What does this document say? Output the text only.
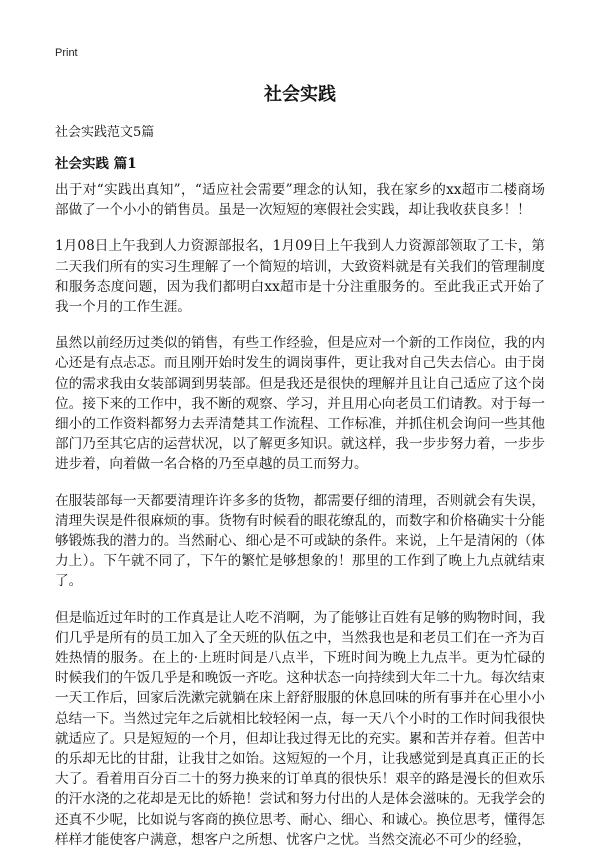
Print
社会实践
社会实践范文5篇
社会实践 篇1

出于对“实践出真知”，“适应社会需要”理念的认知，我在家乡的xx超市二楼商场部做了一个小小的销售员。虽是一次短短的寒假社会实践，却让我收获良多！！

1月08日上午我到人力资源部报名，1月09日上午我到人力资源部领取了工卡，第二天我们所有的实习生理解了一个简短的培训，大致资料就是有关我们的管理制度和服务态度问题，因为我们都明白xx超市是十分注重服务的。至此我正式开始了我一个月的工作生涯。

虽然以前经历过类似的销售，有些工作经验，但是应对一个新的工作岗位，我的内心还是有点忐忑。而且刚开始时发生的调岗事件，更让我对自己失去信心。由于岗位的需求我由女装部调到男装部。但是我还是很快的理解并且让自己适应了这个岗位。接下来的工作中，我不断的观察、学习，并且用心向老员工们请教。对于每一细小的工作资料都努力去弄清楚其工作流程、工作标准，并抓住机会询问一些其他部门乃至其它店的运营状况，以了解更多知识。就这样，我一步步努力着，一步步进步着，向着做一名合格的乃至卓越的员工而努力。

在服装部每一天都要清理许许多多的货物，都需要仔细的清理，否则就会有失误，清理失误是件很麻烦的事。货物有时候看的眼花缭乱的，而数字和价格确实十分能够锻炼我的潜力的。当然耐心、细心是不可或缺的条件。来说，上午是清闲的（体力上）。下午就不同了，下午的繁忙是够想象的！那里的工作到了晚上九点就结束了。

但是临近过年时的工作真是让人吃不消啊，为了能够让百姓有足够的购物时间，我们几乎是所有的员工加入了全天班的队伍之中，当然我也是和老员工们在一齐为百姓热情的服务。在上的·上班时间是八点半，下班时间为晚上九点半。更为忙碌的时候我们的午饭几乎是和晚饭一齐吃。这种状态一向持续到大年二十九。每次结束一天工作后，回家后洗漱完就躺在床上舒舒服服的休息回味的所有事并在心里小小总结一下。当然过完年之后就相比较轻闲一点，每一天八个小时的工作时间我很快就适应了。只是短短的一个月，但却让我过得无比的充实。累和苦并存着。但苦中的乐却无比的甘甜，让我甘之如饴。这短短的一个月，让我感觉到是真真正正的长大了。看着用百分百二十的努力换来的订单真的很快乐！艰辛的路是漫长的但欢乐的汗水浇的之花却是无比的娇艳！尝试和努力付出的人是体会滋味的。无我学会的还真不少呢，比如说与客商的换位思考、耐心、细心、和诚心。换位思考，懂得怎样样才能使客户满意，想客户之所想、忧客户之忧。当然交流必不可少的经验，
